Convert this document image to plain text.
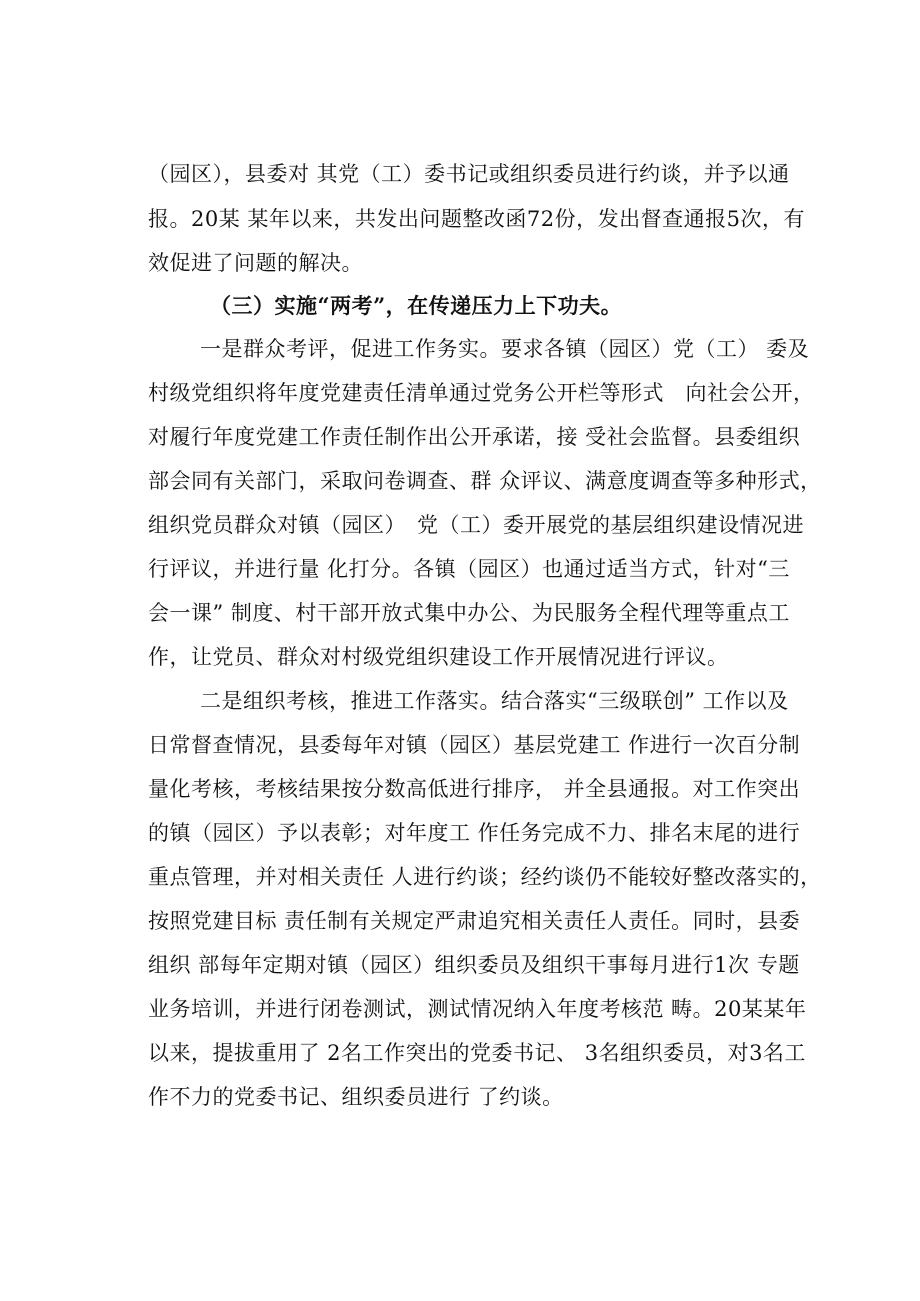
（园区），县委对 其党（工）委书记或组织委员进行约谈，并予以通
报。20某 某年以来，共发出问题整改函72份，发出督查通报5次，有
效促进了问题的解决。
（三）实施“两考”，在传递压力上下功夫。
一是群众考评，促进工作务实。要求各镇（园区）党（工） 委及
村级党组织将年度党建责任清单通过党务公开栏等形式　向社会公开，
对履行年度党建工作责任制作出公开承诺，接 受社会监督。县委组织
部会同有关部门，采取问卷调查、群 众评议、满意度调查等多种形式，
组织党员群众对镇（园区）　党（工）委开展党的基层组织建设情况进
行评议，并进行量 化打分。各镇（园区）也通过适当方式，针对“三
会一课” 制度、村干部开放式集中办公、为民服务全程代理等重点工
作，让党员、群众对村级党组织建设工作开展情况进行评议。
二是组织考核，推进工作落实。结合落实“三级联创” 工作以及
日常督查情况，县委每年对镇（园区）基层党建工 作进行一次百分制
量化考核，考核结果按分数高低进行排序， 并全县通报。对工作突出
的镇（园区）予以表彰；对年度工 作任务完成不力、排名末尾的进行
重点管理，并对相关责任 人进行约谈；经约谈仍不能较好整改落实的，
按照党建目标 责任制有关规定严肃追究相关责任人责任。同时，县委
组织 部每年定期对镇（园区）组织委员及组织干事每月进行1次 专题
业务培训，并进行闭卷测试，测试情况纳入年度考核范 畴。20某某年
以来，提拔重用了 2名工作突出的党委书记、 3名组织委员，对3名工
作不力的党委书记、组织委员进行 了约谈。
